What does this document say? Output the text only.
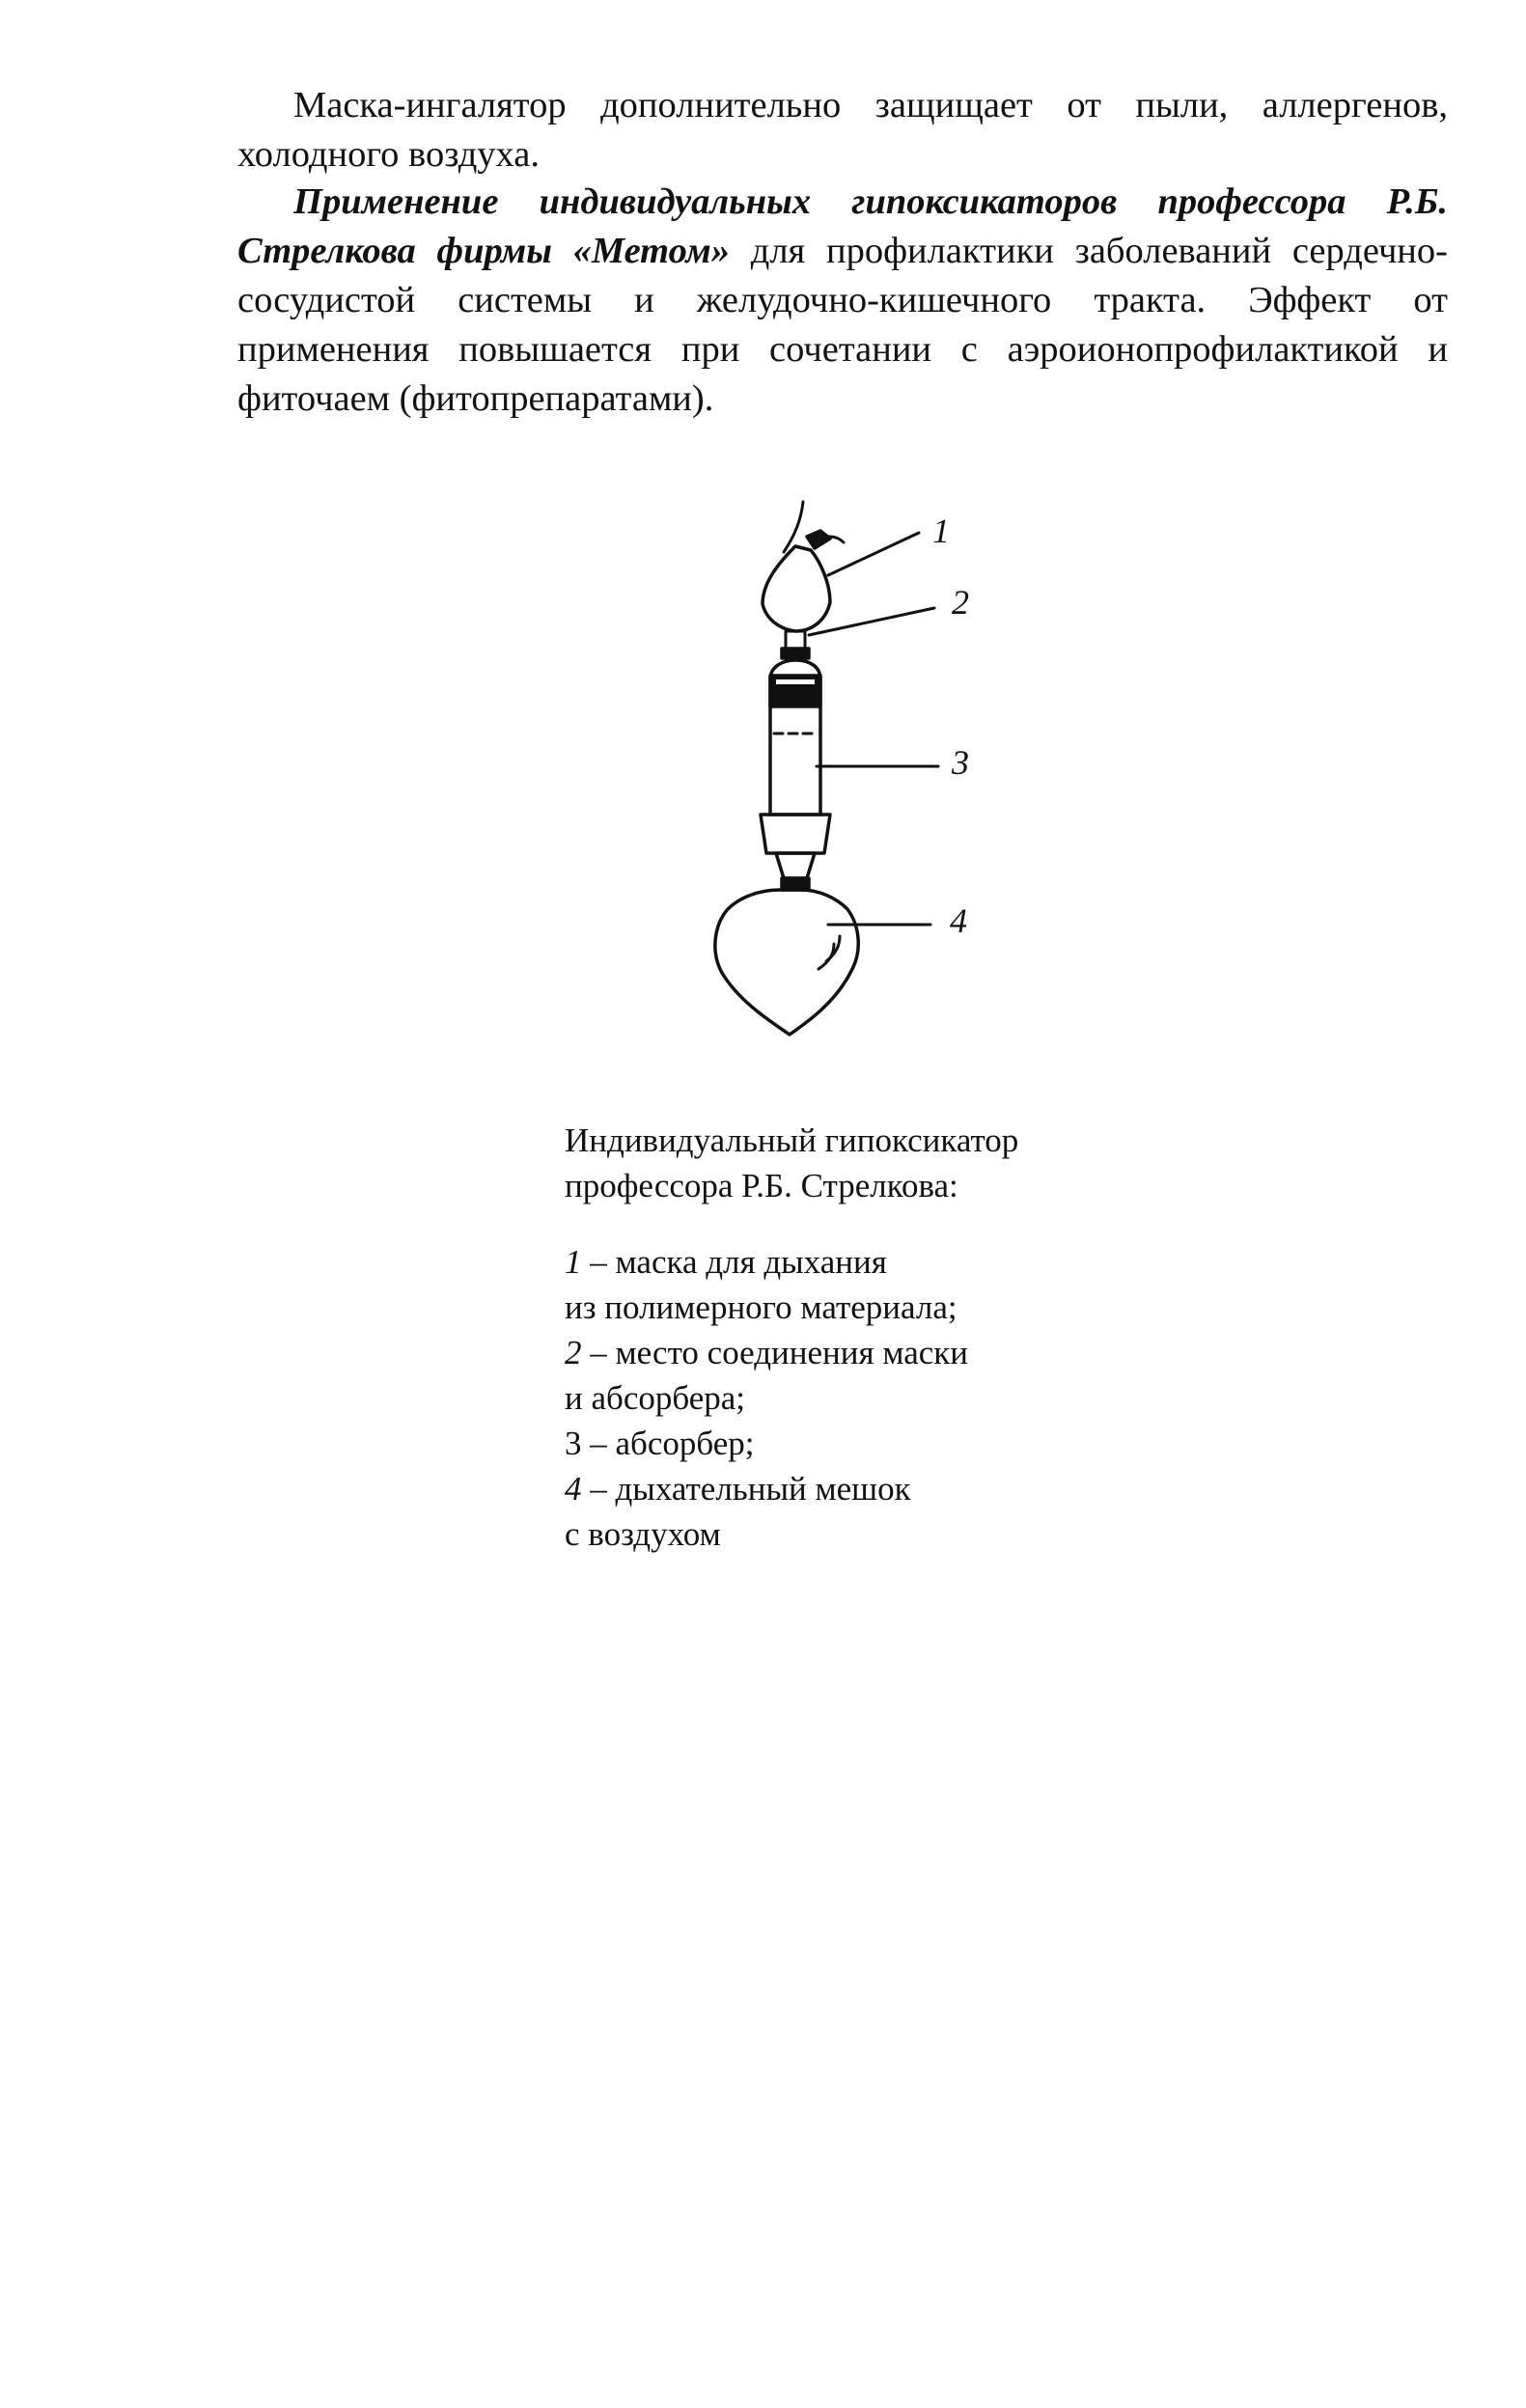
Маска-ингалятор дополнительно защищает от пыли, аллергенов, холодного воздуха.

Применение индивидуальных гипоксикаторов профессора Р.Б. Стрелкова фирмы «Метом» для профилактики заболеваний сердечно-сосудистой системы и желудочно-кишечного тракта. Эффект от применения повышается при сочетании с аэроионопрофилактикой и фиточаем (фитопрепаратами).

1
2
3
4
Индивидуальный гипоксикатор
профессора Р.Б. Стрелкова:
1 – маска для дыхания
из полимерного материала;
2 – место соединения маски
и абсорбера;
3 – абсорбер;
4 – дыхательный мешок
с воздухом
